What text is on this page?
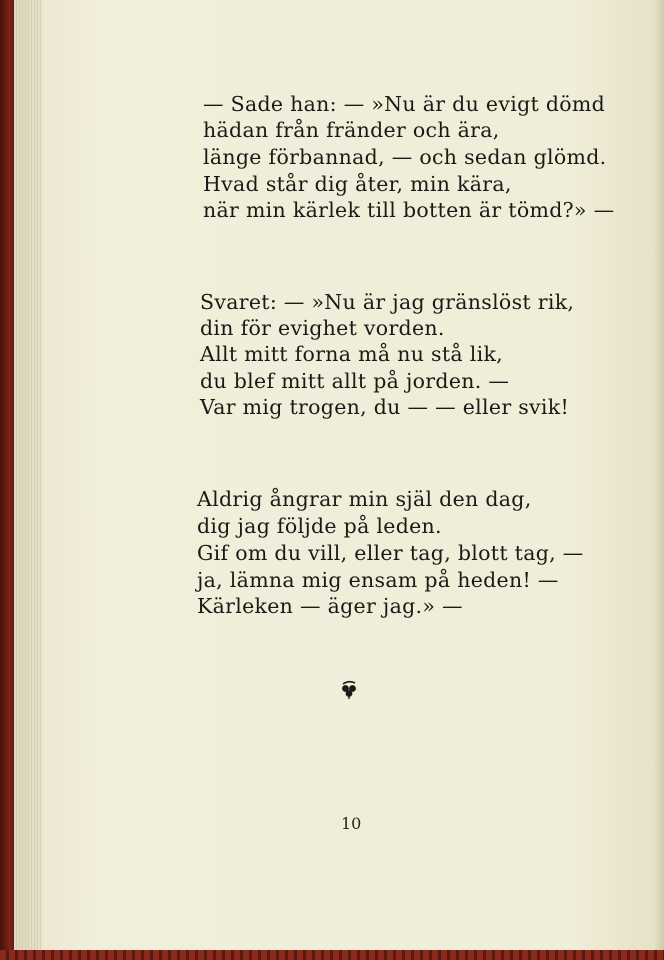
— Sade han: — »Nu är du evigt dömd
hädan från fränder och ära,
länge förbannad, — och sedan glömd.
Hvad står dig åter, min kära,
när min kärlek till botten är tömd?» —
Svaret: — »Nu är jag gränslöst rik,
din för evighet vorden.
Allt mitt forna må nu stå lik,
du blef mitt allt på jorden. —
Var mig trogen, du — — eller svik!
Aldrig ångrar min själ den dag,
dig jag följde på leden.
Gif om du vill, eller tag, blott tag, —
ja, lämna mig ensam på heden! —
Kärleken — äger jag.» —
10
